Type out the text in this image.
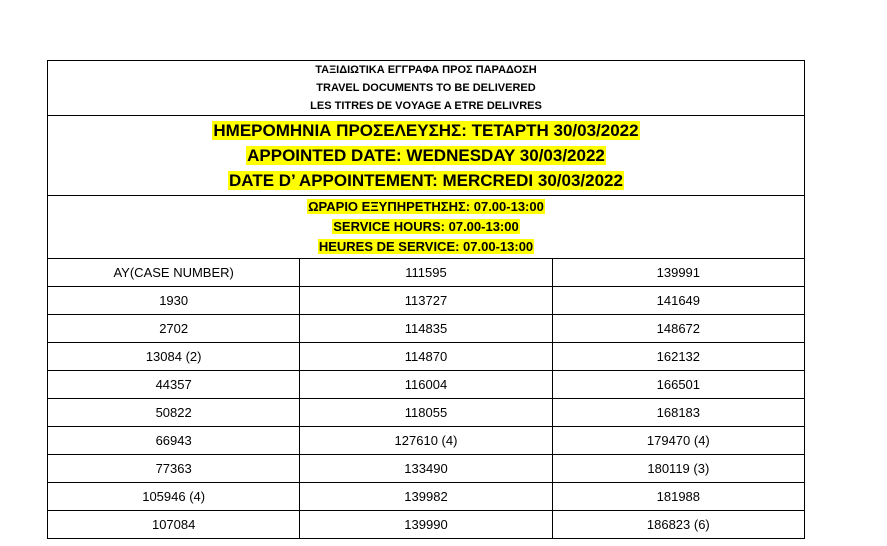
ΤΑΞΙΔΙΩΤΙΚΑ ΕΓΓΡΑΦΑ ΠΡΟΣ ΠΑΡΑΔΟΣΗ
TRAVEL DOCUMENTS TO BE DELIVERED
LES TITRES DE VOYAGE A ETRE DELIVRES		

ΗΜΕΡΟΜΗΝΙΑ ΠΡΟΣΕΛΕΥΣΗΣ: ΤΕΤΑΡΤΗ 30/03/2022
APPOINTED DATE: WEDNESDAY 30/03/2022
DATE D’ APPOINTEMENT: MERCREDI 30/03/2022		

ΩΡΑΡΙΟ ΕΞΥΠΗΡΕΤΗΣΗΣ: 07.00-13:00
SERVICE HOURS: 07.00-13:00
HEURES DE SERVICE: 07.00-13:00		

AY(CASE NUMBER)	111595	139991
1930	113727	141649
2702	114835	148672
13084 (2)	114870	162132
44357	116004	166501
50822	118055	168183
66943	127610 (4)	179470 (4)
77363	133490	180119 (3)
105946 (4)	139982	181988
107084	139990	186823 (6)
